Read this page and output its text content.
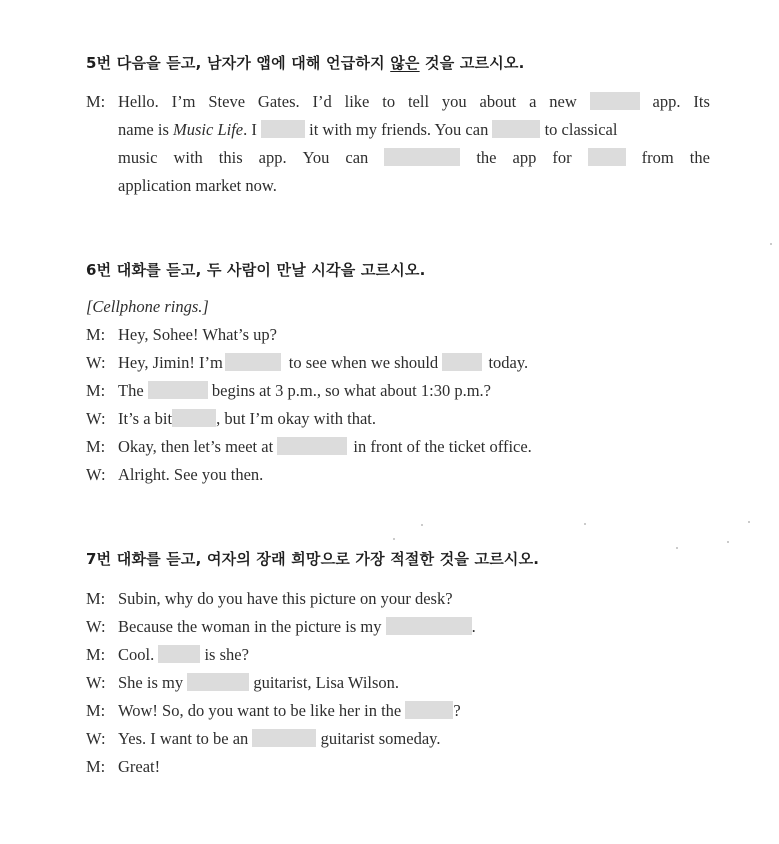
5번 다음을 듣고, 남자가 앱에 대해 언급하지 않은 것을 고르시오.
M: Hello. I’m Steve Gates. I’d like to tell you about a new	app. Its
name is Music Life. I	it with my friends. You can	to classical
music with this app. You can	the app for	from the
application market now.
6번 대화를 듣고, 두 사람이 만날 시각을 고르시오.
[Cellphone rings.]
M: Hey, Sohee! What’s up?
W: Hey, Jimin! I’m	to see when we should	today.
M: The	begins at 3 p.m., so what about 1:30 p.m.?
W: It’s a bit	, but I’m okay with that.
M: Okay, then let’s meet at	in front of the ticket office.
W: Alright. See you then.
7번 대화를 듣고, 여자의 장래 희망으로 가장 적절한 것을 고르시오.
M: Subin, why do you have this picture on your desk?
W: Because the woman in the picture is my	.
M: Cool.	is she?
W: She is my	guitarist, Lisa Wilson.
M: Wow! So, do you want to be like her in the	?
W: Yes. I want to be an	guitarist someday.
M: Great!
